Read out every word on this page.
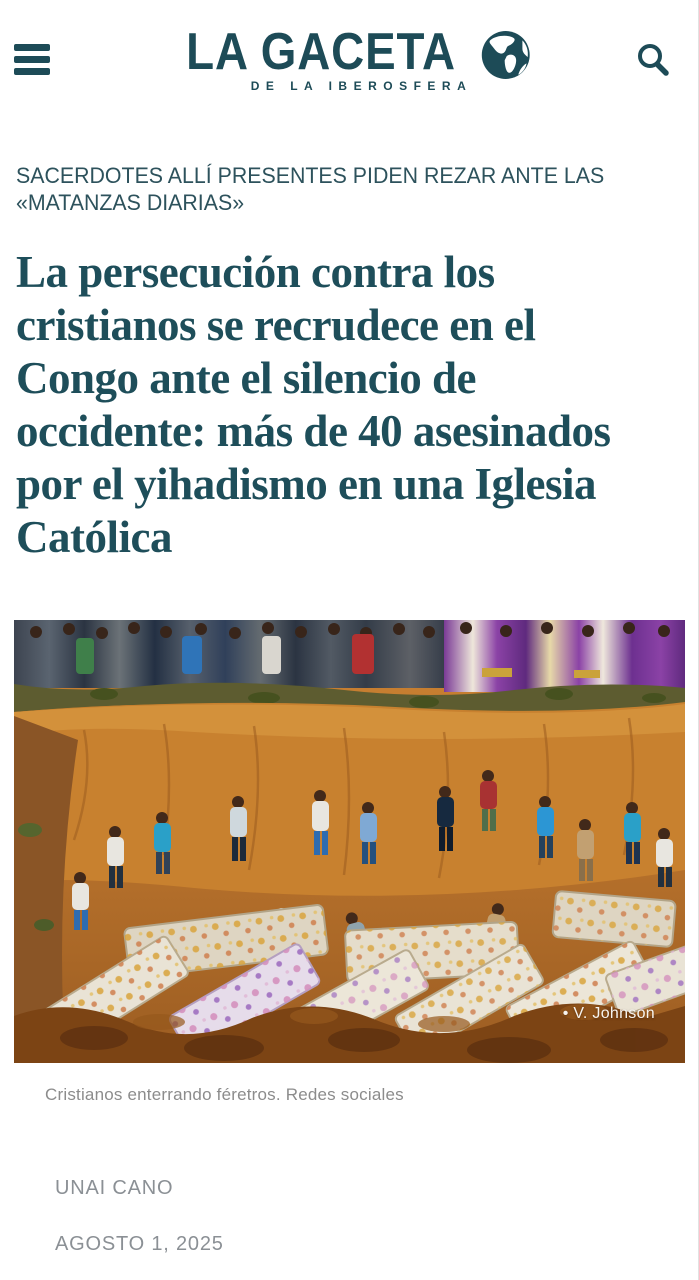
LA GACETA
DE LA IBEROSFERA
SACERDOTES ALLÍ PRESENTES PIDEN REZAR ANTE LAS «MATANZAS DIARIAS»
La persecución contra los cristianos se recrudece en el Congo ante el silencio de occidente: más de 40 asesinados por el yihadismo en una Iglesia Católica
• V. Johnson
Cristianos enterrando féretros. Redes sociales
UNAI CANO
AGOSTO 1, 2025
